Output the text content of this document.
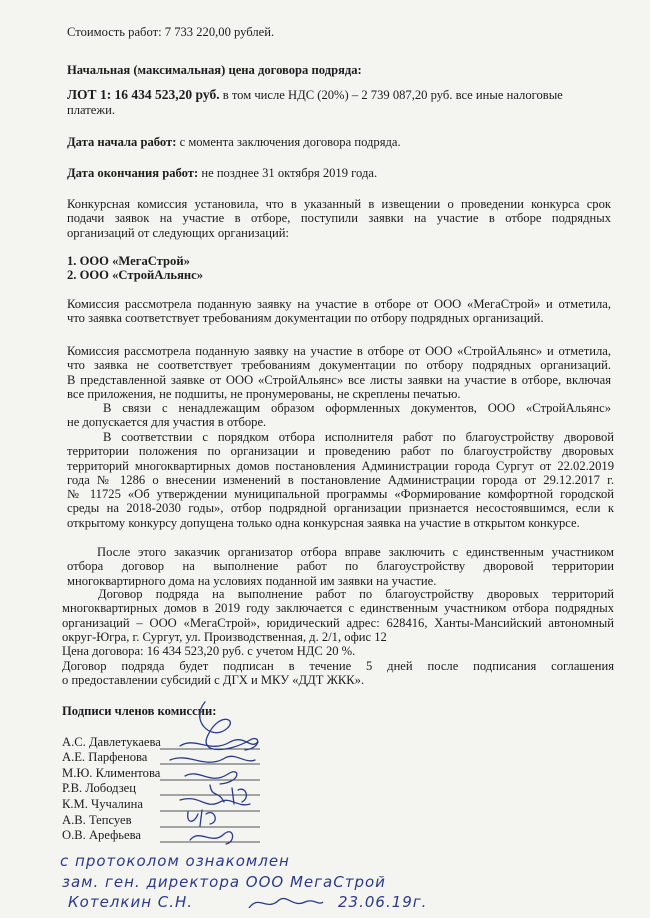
Стоимость работ: 7 733 220,00 рублей.
Начальная (максимальная) цена договора подряда:
ЛОТ 1: 16 434 523,20 руб. в том числе НДС (20%) – 2 739 087,20 руб. все иные налоговые
платежи.
Дата начала работ: с момента заключения договора подряда.
Дата окончания работ: не позднее 31 октября 2019 года.
Конкурсная комиссия установила, что в указанный в извещении о проведении конкурса срок
подачи заявок на участие в отборе, поступили заявки на участие в отборе подрядных
организаций от следующих организаций:
1. ООО «МегаСтрой»
2. ООО «СтройАльянс»
Комиссия рассмотрела поданную заявку на участие в отборе от ООО «МегаСтрой» и отметила,
что заявка соответствует требованиям документации по отбору подрядных организаций.
Комиссия рассмотрела поданную заявку на участие в отборе от ООО «СтройАльянс» и отметила,
что заявка не соответствует требованиям документации по отбору подрядных организаций.
В представленной заявке от ООО «СтройАльянс» все листы заявки на участие в отборе, включая
все приложения, не подшиты, не пронумерованы, не скреплены печатью.
В связи с ненадлежащим образом оформленных документов, ООО «СтройАльянс»
не допускается для участия в отборе.
В соответствии с порядком отбора исполнителя работ по благоустройству дворовой
территории положения по организации и проведению работ по благоустройству дворовых
территорий многоквартирных домов постановления Администрации города Сургут от 22.02.2019
года № 1286 о внесении изменений в постановление Администрации города от 29.12.2017 г.
№ 11725 «Об утверждении муниципальной программы «Формирование комфортной городской
среды на 2018-2030 годы», отбор подрядной организации признается несостоявшимся, если к
открытому конкурсу допущена только одна конкурсная заявка на участие в открытом конкурсе.
После этого заказчик организатор отбора вправе заключить с единственным участником
отбора договор на выполнение работ по благоустройству дворовой территории
многоквартирного дома на условиях поданной им заявки на участие.
Договор подряда на выполнение работ по благоустройству дворовых территорий
многоквартирных домов в 2019 году заключается с единственным участником отбора подрядных
организаций – ООО «МегаСтрой», юридический адрес: 628416, Ханты-Мансийский автономный
округ-Югра, г. Сургут, ул. Производственная, д. 2/1, офис 12
Цена договора: 16 434 523,20 руб. с учетом НДС 20 %.
Договор подряда будет подписан в течение 5 дней после подписания соглашения
о предоставлении субсидий с ДГХ и МКУ «ДДТ ЖКК».
Подписи членов комиссии:
А.С. Давлетукаева
А.Е. Парфенова
М.Ю. Климентова
Р.В. Лободзец
К.М. Чучалина
А.В. Тепсуев
О.В. Арефьева
с протоколом ознакомлен
зам. ген. директора ООО МегаСтрой
Котелкин С.Н.	23.06.19г.
